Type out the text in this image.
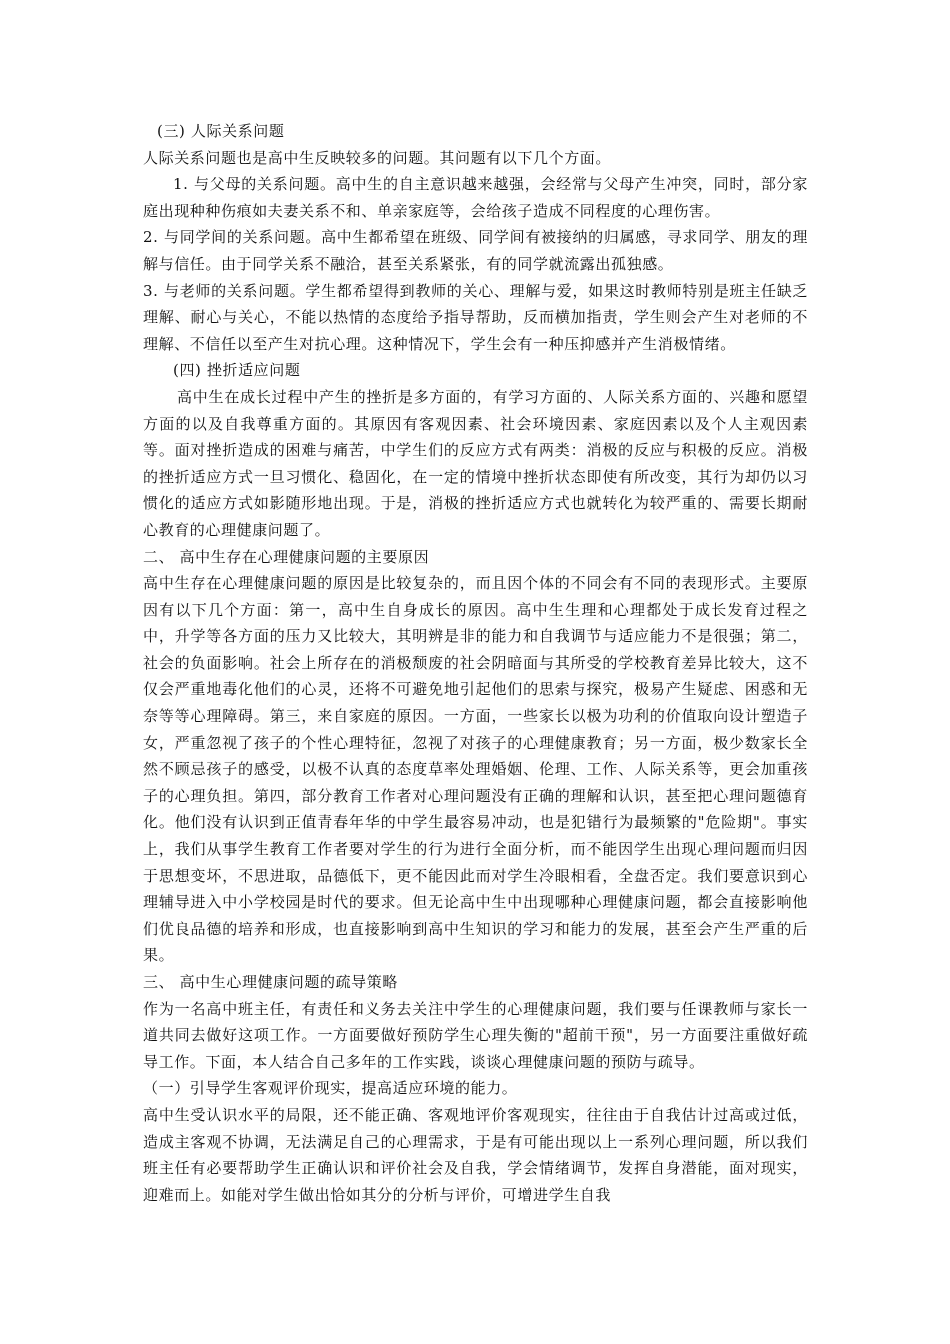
(三) 人际关系问题

人际关系问题也是高中生反映较多的问题。其问题有以下几个方面。

1. 与父母的关系问题。高中生的自主意识越来越强，会经常与父母产生冲突，同时，部分家庭出现种种伤痕如夫妻关系不和、单亲家庭等，会给孩子造成不同程度的心理伤害。

2. 与同学间的关系问题。高中生都希望在班级、同学间有被接纳的归属感，寻求同学、朋友的理解与信任。由于同学关系不融洽，甚至关系紧张，有的同学就流露出孤独感。

3. 与老师的关系问题。学生都希望得到教师的关心、理解与爱，如果这时教师特别是班主任缺乏理解、耐心与关心，不能以热情的态度给予指导帮助，反而横加指责，学生则会产生对老师的不理解、不信任以至产生对抗心理。这种情况下，学生会有一种压抑感并产生消极情绪。

(四) 挫折适应问题

高中生在成长过程中产生的挫折是多方面的，有学习方面的、人际关系方面的、兴趣和愿望方面的以及自我尊重方面的。其原因有客观因素、社会环境因素、家庭因素以及个人主观因素等。面对挫折造成的困难与痛苦，中学生们的反应方式有两类：消极的反应与积极的反应。消极的挫折适应方式一旦习惯化、稳固化，在一定的情境中挫折状态即使有所改变，其行为却仍以习惯化的适应方式如影随形地出现。于是，消极的挫折适应方式也就转化为较严重的、需要长期耐心教育的心理健康问题了。

二、 高中生存在心理健康问题的主要原因

高中生存在心理健康问题的原因是比较复杂的，而且因个体的不同会有不同的表现形式。主要原因有以下几个方面：第一，高中生自身成长的原因。高中生生理和心理都处于成长发育过程之中，升学等各方面的压力又比较大，其明辨是非的能力和自我调节与适应能力不是很强；第二，社会的负面影响。社会上所存在的消极颓废的社会阴暗面与其所受的学校教育差异比较大，这不仅会严重地毒化他们的心灵，还将不可避免地引起他们的思索与探究，极易产生疑虑、困惑和无奈等等心理障碍。第三，来自家庭的原因。一方面，一些家长以极为功利的价值取向设计塑造子女，严重忽视了孩子的个性心理特征，忽视了对孩子的心理健康教育；另一方面，极少数家长全然不顾忌孩子的感受，以极不认真的态度草率处理婚姻、伦理、工作、人际关系等，更会加重孩子的心理负担。第四，部分教育工作者对心理问题没有正确的理解和认识，甚至把心理问题德育化。他们没有认识到正值青春年华的中学生最容易冲动，也是犯错行为最频繁的"危险期"。事实上，我们从事学生教育工作者要对学生的行为进行全面分析，而不能因学生出现心理问题而归因于思想变坏，不思进取，品德低下，更不能因此而对学生冷眼相看，全盘否定。我们要意识到心理辅导进入中小学校园是时代的要求。但无论高中生中出现哪种心理健康问题，都会直接影响他们优良品德的培养和形成，也直接影响到高中生知识的学习和能力的发展，甚至会产生严重的后果。

三、 高中生心理健康问题的疏导策略

作为一名高中班主任，有责任和义务去关注中学生的心理健康问题，我们要与任课教师与家长一道共同去做好这项工作。一方面要做好预防学生心理失衡的"超前干预"，另一方面要注重做好疏导工作。下面，本人结合自己多年的工作实践，谈谈心理健康问题的预防与疏导。

（一）引导学生客观评价现实，提高适应环境的能力。

高中生受认识水平的局限，还不能正确、客观地评价客观现实，往往由于自我估计过高或过低，造成主客观不协调，无法满足自己的心理需求，于是有可能出现以上一系列心理问题，所以我们班主任有必要帮助学生正确认识和评价社会及自我，学会情绪调节，发挥自身潜能，面对现实，迎难而上。如能对学生做出恰如其分的分析与评价，可增进学生自我
